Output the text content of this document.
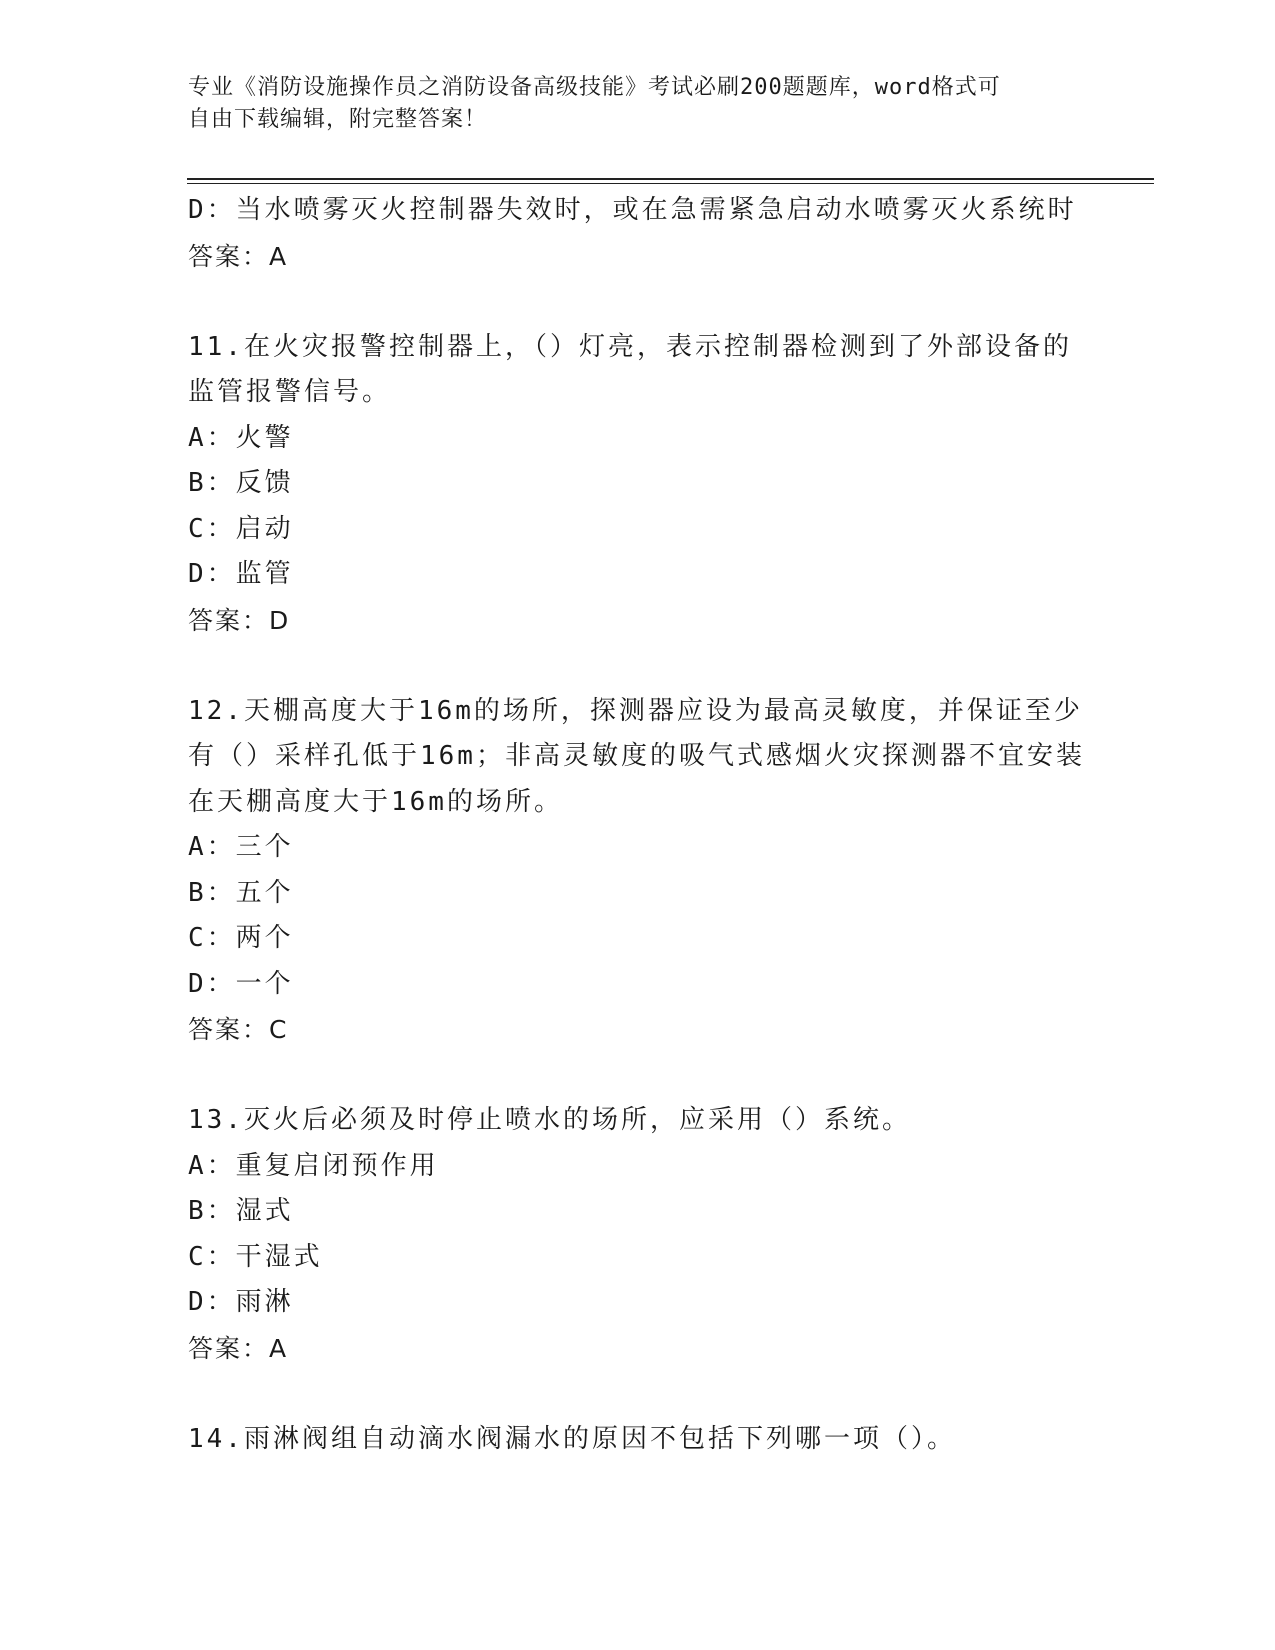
专业《消防设施操作员之消防设备高级技能》考试必刷200题题库，word格式可
自由下载编辑，附完整答案！
D：当水喷雾灭火控制器失效时，或在急需紧急启动水喷雾灭火系统时
答案：A
11.在火灾报警控制器上，（）灯亮，表示控制器检测到了外部设备的监管报警信号。
A：火警
B：反馈
C：启动
D：监管
答案：D
12.天棚高度大于16m的场所，探测器应设为最高灵敏度，并保证至少有（）采样孔低于16m；非高灵敏度的吸气式感烟火灾探测器不宜安装在天棚高度大于16m的场所。
A：三个
B：五个
C：两个
D：一个
答案：C
13.灭火后必须及时停止喷水的场所，应采用（）系统。
A：重复启闭预作用
B：湿式
C：干湿式
D：雨淋
答案：A
14.雨淋阀组自动滴水阀漏水的原因不包括下列哪一项（）。
